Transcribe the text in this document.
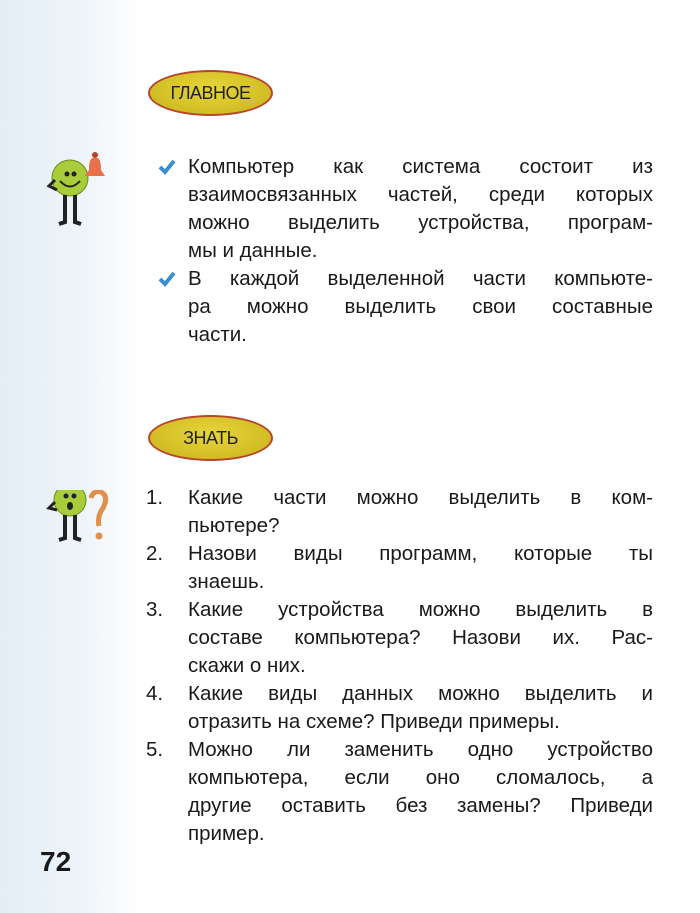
ГЛАВНОЕ
Компьютер как система состоит из
взаимосвязанных частей, среди которых
можно выделить устройства, програм-
мы и данные.
В каждой выделенной части компьюте-
ра можно выделить свои составные
части.
ЗНАТЬ
1.	Какие части можно выделить в ком-
пьютере?
2.	Назови виды программ, которые ты
знаешь.
3.	Какие устройства можно выделить в
составе компьютера? Назови их. Рас-
скажи о них.
4.	Какие виды данных можно выделить и
отразить на схеме? Приведи примеры.
5.	Можно ли заменить одно устройство
компьютера, если оно сломалось, а
другие оставить без замены? Приведи
пример.
72
